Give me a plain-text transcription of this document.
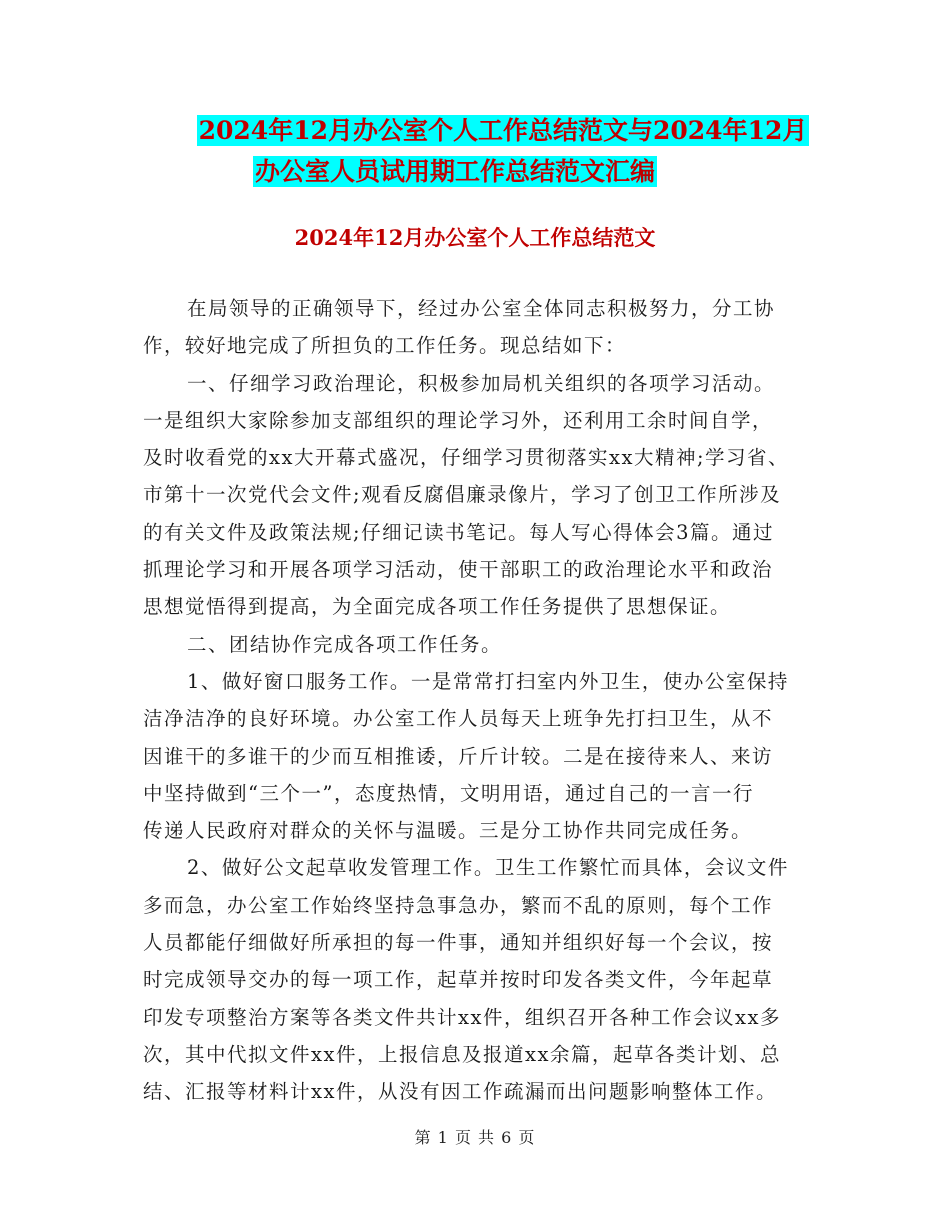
2024年12月办公室个人工作总结范文与2024年12月
办公室人员试用期工作总结范文汇编
2024年12月办公室个人工作总结范文
在局领导的正确领导下，经过办公室全体同志积极努力，分工协
作，较好地完成了所担负的工作任务。现总结如下：
一、仔细学习政治理论，积极参加局机关组织的各项学习活动。
一是组织大家除参加支部组织的理论学习外，还利用工余时间自学，
及时收看党的xx大开幕式盛况，仔细学习贯彻落实xx大精神;学习省、
市第十一次党代会文件;观看反腐倡廉录像片，学习了创卫工作所涉及
的有关文件及政策法规;仔细记读书笔记。每人写心得体会3篇。通过
抓理论学习和开展各项学习活动，使干部职工的政治理论水平和政治
思想觉悟得到提高，为全面完成各项工作任务提供了思想保证。
二、团结协作完成各项工作任务。
1、做好窗口服务工作。一是常常打扫室内外卫生，使办公室保持
洁净洁净的良好环境。办公室工作人员每天上班争先打扫卫生，从不
因谁干的多谁干的少而互相推诿，斤斤计较。二是在接待来人、来访
中坚持做到“三个一”，态度热情，文明用语，通过自己的一言一行
传递人民政府对群众的关怀与温暖。三是分工协作共同完成任务。
2、做好公文起草收发管理工作。卫生工作繁忙而具体，会议文件
多而急，办公室工作始终坚持急事急办，繁而不乱的原则，每个工作
人员都能仔细做好所承担的每一件事，通知并组织好每一个会议，按
时完成领导交办的每一项工作，起草并按时印发各类文件，今年起草
印发专项整治方案等各类文件共计xx件，组织召开各种工作会议xx多
次，其中代拟文件xx件，上报信息及报道xx余篇，起草各类计划、总
结、汇报等材料计xx件，从没有因工作疏漏而出问题影响整体工作。
第 1 页 共 6 页
